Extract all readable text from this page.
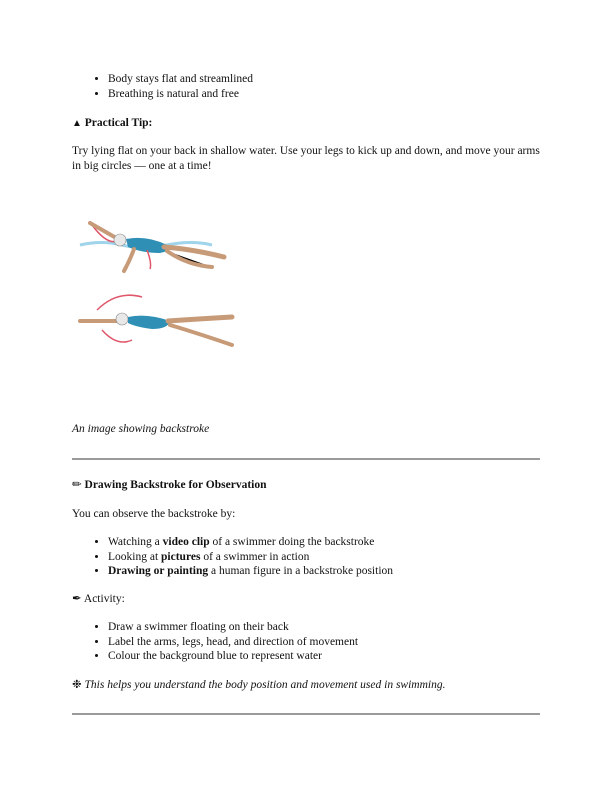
• Body stays flat and streamlined
• Breathing is natural and free

▲ Practical Tip:

Try lying flat on your back in shallow water. Use your legs to kick up and down, and move your arms in big circles — one at a time!

An image showing backstroke

✏ Drawing Backstroke for Observation

You can observe the backstroke by:

• Watching a video clip of a swimmer doing the backstroke
• Looking at pictures of a swimmer in action
• Drawing or painting a human figure in a backstroke position

✒ Activity:

• Draw a swimmer floating on their back
• Label the arms, legs, head, and direction of movement
• Colour the background blue to represent water

❉ This helps you understand the body position and movement used in swimming.
